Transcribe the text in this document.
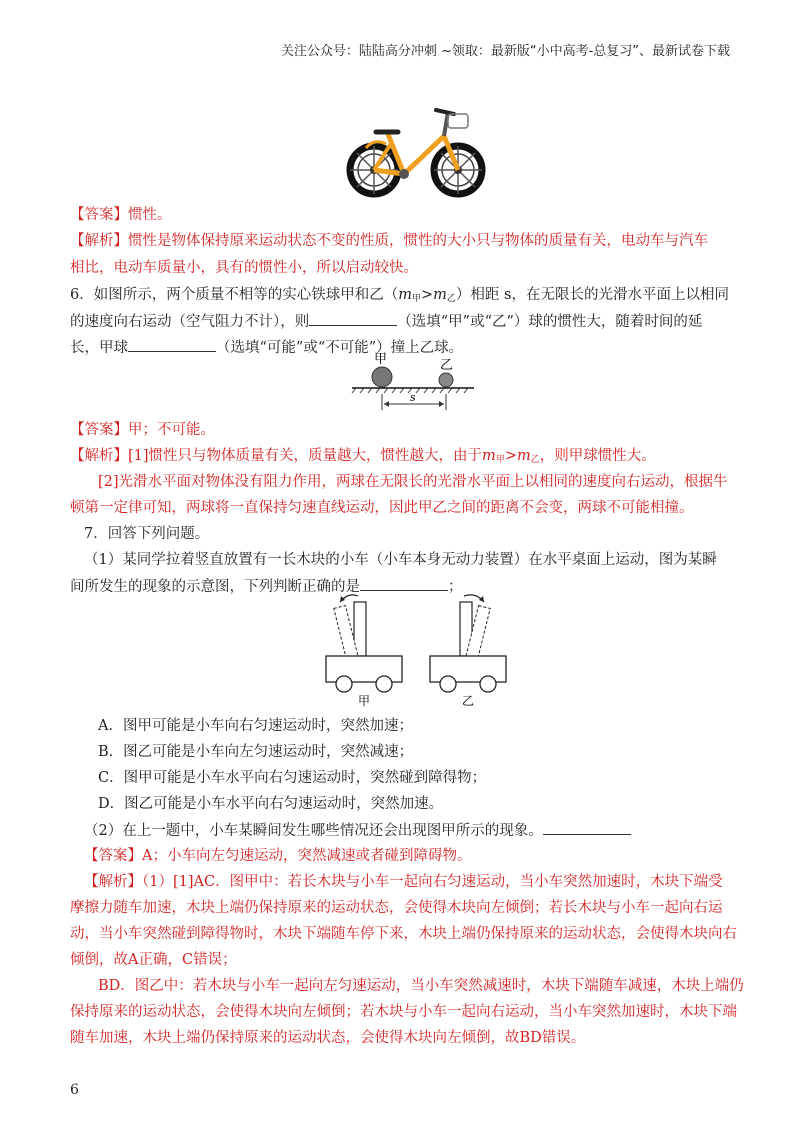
关注公众号：陆陆高分冲刺 ~领取：最新版“小中高考-总复习”、最新试卷下载
【答案】惯性。
【解析】惯性是物体保持原来运动状态不变的性质，惯性的大小只与物体的质量有关，电动车与汽车
相比，电动车质量小，具有的惯性小，所以启动较快。
6．如图所示，两个质量不相等的实心铁球甲和乙$(m_甲>m_乙)$相距 s，在无限长的光滑水平面上以相同
的速度向右运动（空气阻力不计），则	（选填“甲”或“乙”）球的惯性大，随着时间的延
长，甲球	（选填“可能”或“不可能”）撞上乙球。
甲	乙
s
【答案】甲；不可能。
【解析】[1]惯性只与物体质量有关，质量越大，惯性越大，由于$m_甲>m_乙$，则甲球惯性大。
[2]光滑水平面对物体没有阻力作用，两球在无限长的光滑水平面上以相同的速度向右运动，根据牛
顿第一定律可知，两球将一直保持匀速直线运动，因此甲乙之间的距离不会变，两球不可能相撞。
7．回答下列问题。
（1）某同学拉着竖直放置有一长木块的小车（小车本身无动力装置）在水平桌面上运动，图为某瞬
间所发生的现象的示意图，下列判断正确的是	；
甲	乙
A．图甲可能是小车向右匀速运动时，突然加速；
B．图乙可能是小车向左匀速运动时，突然减速；
C．图甲可能是小车水平向右匀速运动时，突然碰到障得物；
D．图乙可能是小车水平向右匀速运动时，突然加速。
（2）在上一题中，小车某瞬间发生哪些情况还会出现图甲所示的现象。
【答案】A；小车向左匀速运动，突然减速或者碰到障碍物。
【解析】（1）[1]AC．图甲中：若长木块与小车一起向右匀速运动，当小车突然加速时，木块下端受
摩擦力随车加速，木块上端仍保持原来的运动状态，会使得木块向左倾倒；若长木块与小车一起向右运
动，当小车突然碰到障得物时，木块下端随车停下来，木块上端仍保持原来的运动状态，会使得木块向右
倾倒，故A正确，C错误；
BD．图乙中：若木块与小车一起向左匀速运动，当小车突然减速时，木块下端随车减速，木块上端仍
保持原来的运动状态，会使得木块向左倾倒；若木块与小车一起向右运动，当小车突然加速时，木块下端
随车加速，木块上端仍保持原来的运动状态，会使得木块向左倾倒，故BD错误。
6
